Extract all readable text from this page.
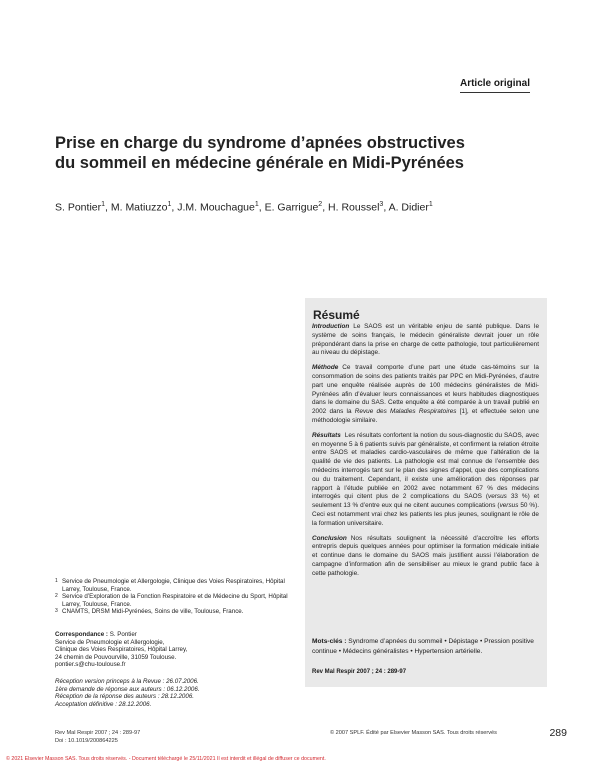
Article original
Prise en charge du syndrome d’apnées obstructives
du sommeil en médecine générale en Midi-Pyrénées
S. Pontier$^1$, M. Matiuzzo$^1$, J.M. Mouchague$^1$, E. Garrigue$^2$, H. Roussel$^3$, A. Didier$^1$
Résumé

Introduction Le SAOS est un véritable enjeu de santé publique. Dans le système de soins français, le médecin généraliste devrait jouer un rôle prépondérant dans la prise en charge de cette pathologie, tout particulièrement au niveau du dépistage.

Méthode Ce travail comporte d’une part une étude cas-témoins sur la consommation de soins des patients traités par PPC en Midi-Pyrénées, d’autre part une enquête réalisée auprès de 100 médecins généralistes de Midi-Pyrénées afin d’évaluer leurs connaissances et leurs habitudes diagnostiques dans le domaine du SAS. Cette enquête a été comparée à un travail publié en 2002 dans la Revue des Maladies Respiratoires [1], et effectuée selon une méthodologie similaire.

Résultats Les résultats confortent la notion du sous-diagnostic du SAOS, avec en moyenne 5 à 6 patients suivis par généraliste, et confirment la relation étroite entre SAOS et maladies cardio-vasculaires de même que l’altération de la qualité de vie des patients. La pathologie est mal connue de l’ensemble des médecins interrogés tant sur le plan des signes d’appel, que des complications ou du traitement. Cependant, il existe une amélioration des réponses par rapport à l’étude publiée en 2002 avec notamment 67 % des médecins interrogés qui citent plus de 2 complications du SAOS (versus 33 %) et seulement 13 % d’entre eux qui ne citent aucunes complications (versus 50 %). Ceci est notamment vrai chez les patients les plus jeunes, soulignant le rôle de la formation universitaire.

Conclusion Nos résultats soulignent la nécessité d’accroître les efforts entrepris depuis quelques années pour optimiser la formation médicale initiale et continue dans le domaine du SAOS mais justifient aussi l’élaboration de campagne d’information afin de sensibiliser au mieux le grand public face à cette pathologie.

Mots-clés : Syndrome d’apnées du sommeil • Dépistage • Pression positive continue • Médecins généralistes • Hypertension artérielle.
Rev Mal Respir 2007 ; 24 : 289-97
1 Service de Pneumologie et Allergologie, Clinique des Voies Respiratoires, Hôpital Larrey, Toulouse, France.
2 Service d’Exploration de la Fonction Respiratoire et de Médecine du Sport, Hôpital Larrey, Toulouse, France.
3 CNAMTS, DRSM Midi-Pyrénées, Soins de ville, Toulouse, France.
Correspondance : S. Pontier
Service de Pneumologie et Allergologie,
Clinique des Voies Respiratoires, Hôpital Larrey,
24 chemin de Pouvourville, 31059 Toulouse.
pontier.s@chu-toulouse.fr
Réception version princeps à la Revue : 26.07.2006.
1ère demande de réponse aux auteurs : 06.12.2006.
Réception de la réponse des auteurs : 28.12.2006.
Acceptation définitive : 28.12.2006.
Rev Mal Respir 2007 ; 24 : 289-97
Doi : 10.1019/200864225
© 2007 SPLF. Édité par Elsevier Masson SAS. Tous droits réservés	289
© 2021 Elsevier Masson SAS. Tous droits réservés. - Document téléchargé le 25/11/2021 Il est interdit et illégal de diffuser ce document.
